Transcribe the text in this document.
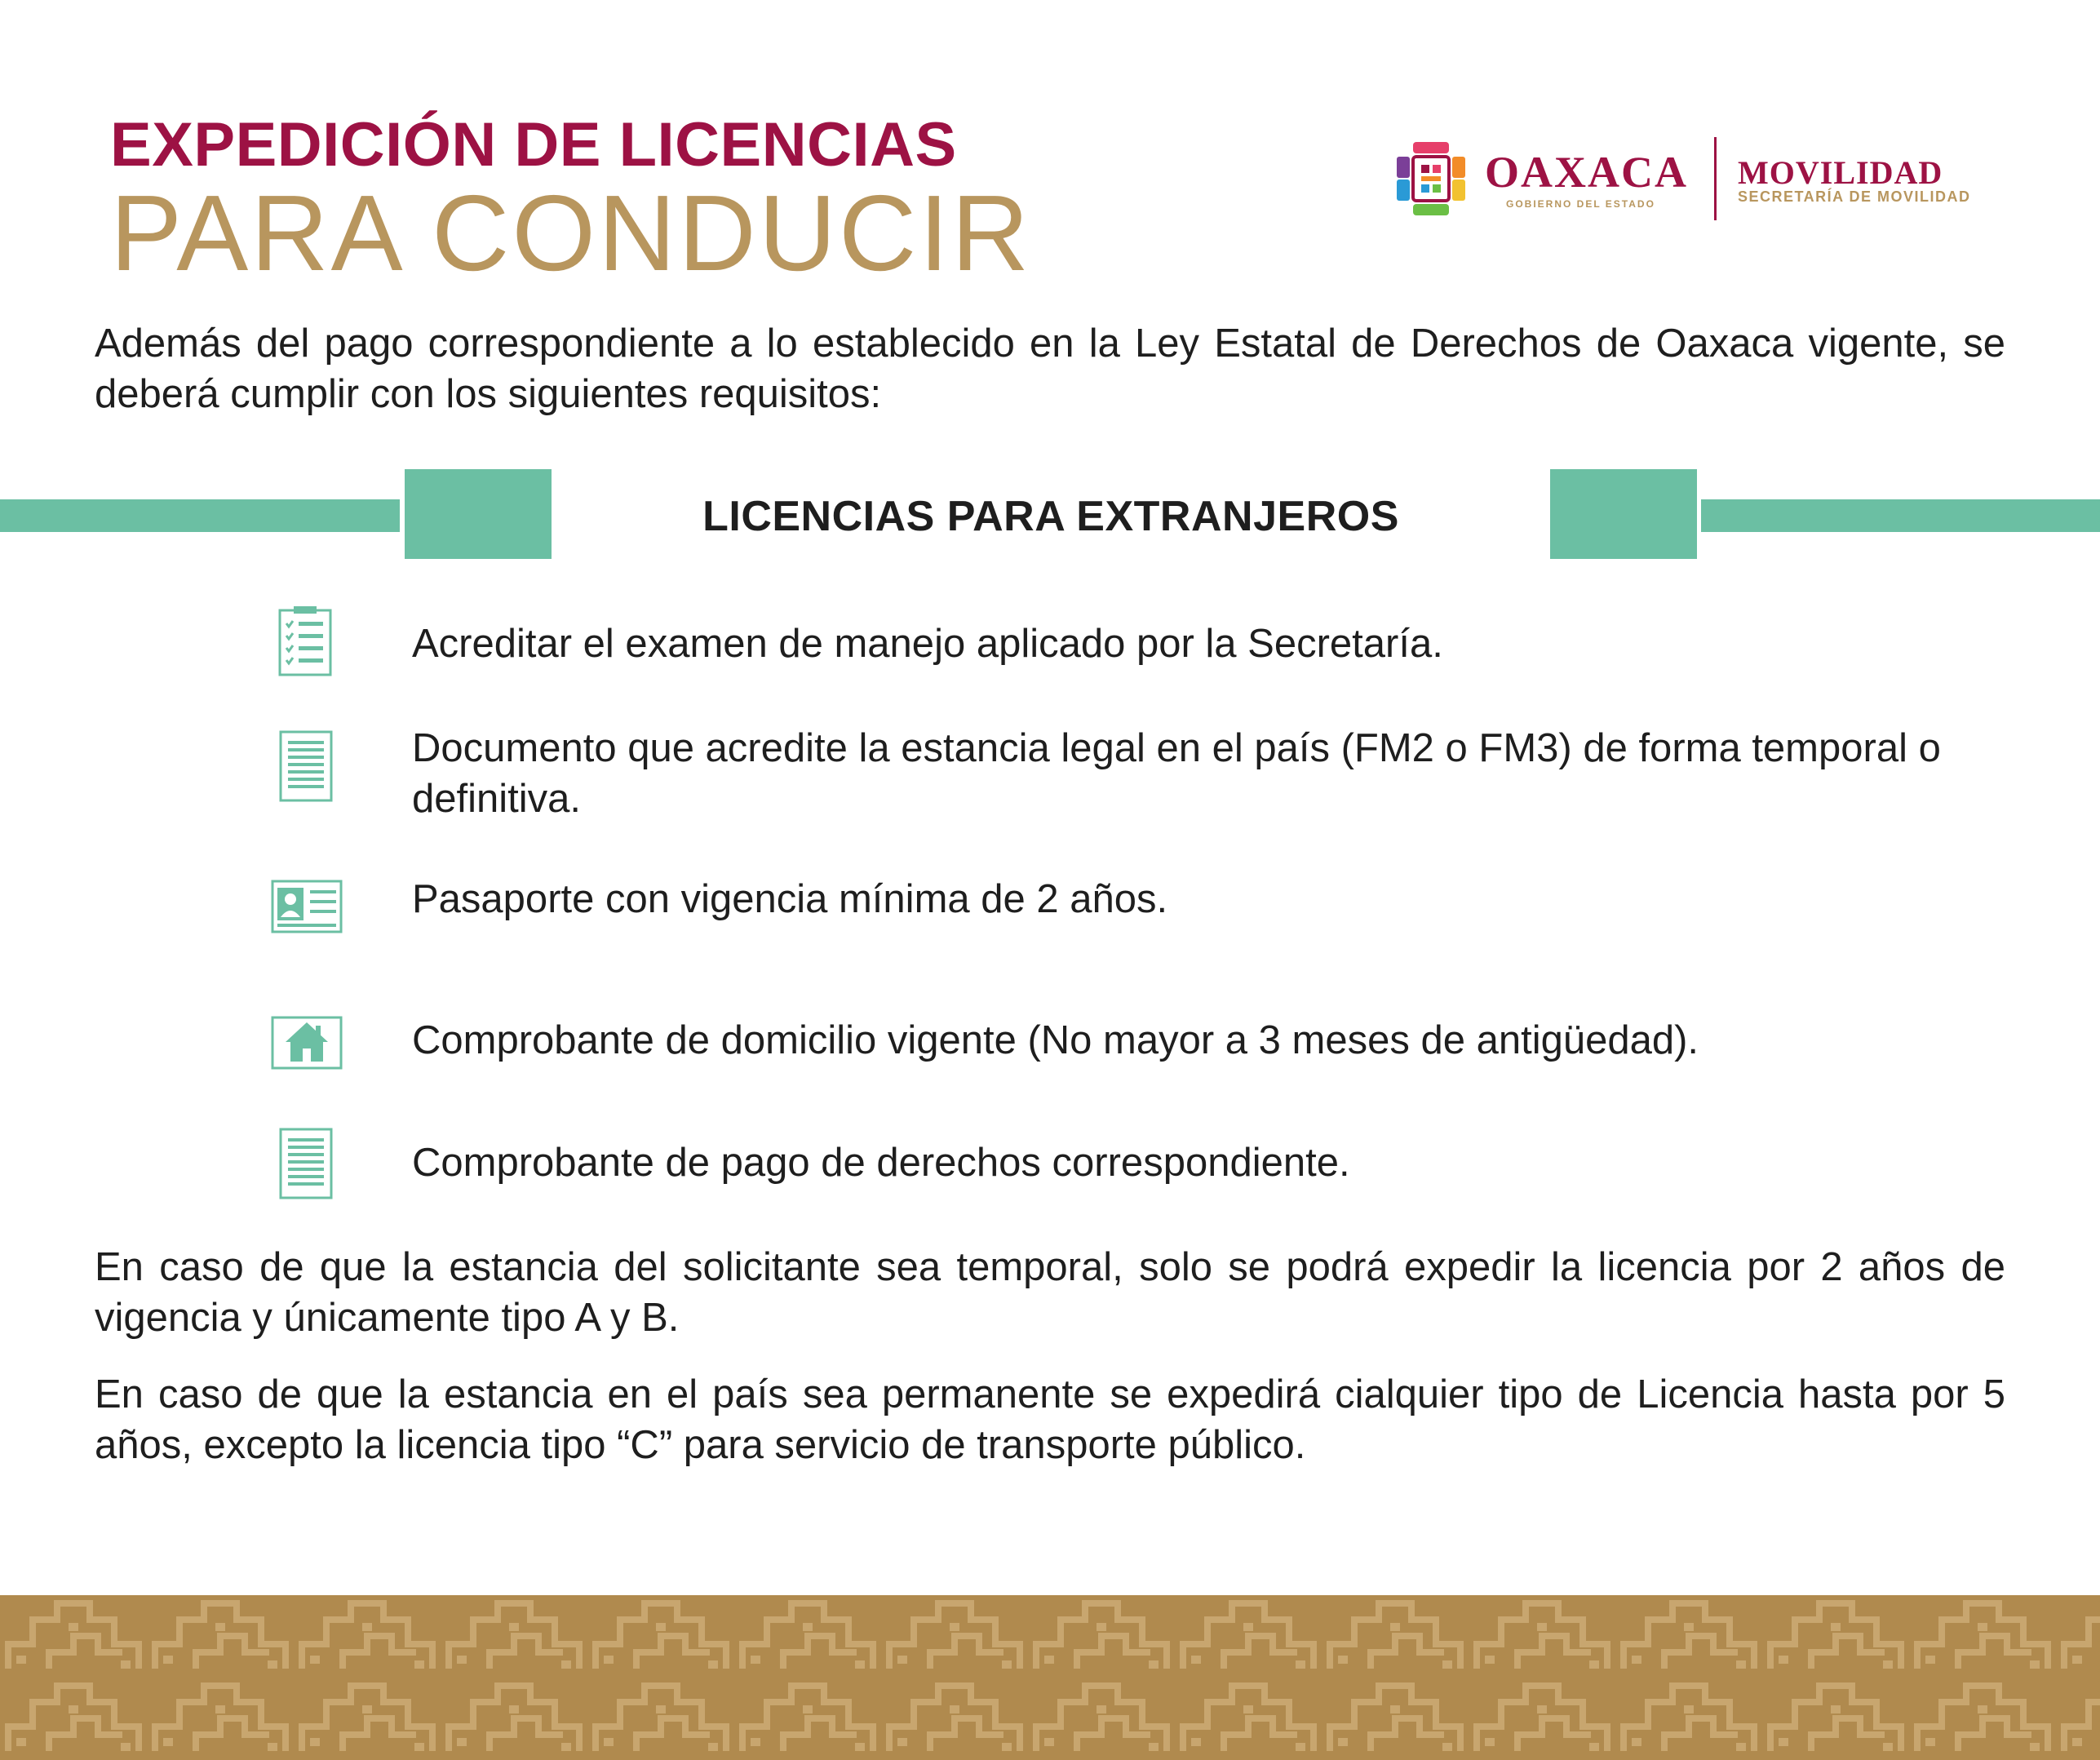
EXPEDICIÓN DE LICENCIAS
PARA CONDUCIR
OAXACA
GOBIERNO DEL ESTADO
MOVILIDAD
SECRETARÍA DE MOVILIDAD

Además del pago correspondiente a lo establecido en la Ley Estatal de Derechos de Oaxaca vigente, se deberá cumplir con los siguientes requisitos:

LICENCIAS PARA EXTRANJEROS

Acreditar el examen de manejo aplicado por la Secretaría.

Documento que acredite la estancia legal en el país (FM2 o FM3) de forma temporal o definitiva.

Pasaporte con vigencia mínima de 2 años.

Comprobante de domicilio vigente (No mayor a 3 meses de antigüedad).

Comprobante de pago de derechos correspondiente.

En caso de que la estancia del solicitante sea temporal, solo se podrá expedir la licencia por 2 años de vigencia y únicamente tipo A y B.

En caso de que la estancia en el país sea permanente se expedirá cialquier tipo de Licencia hasta por 5 años, excepto la licencia tipo “C” para servicio de transporte público.
